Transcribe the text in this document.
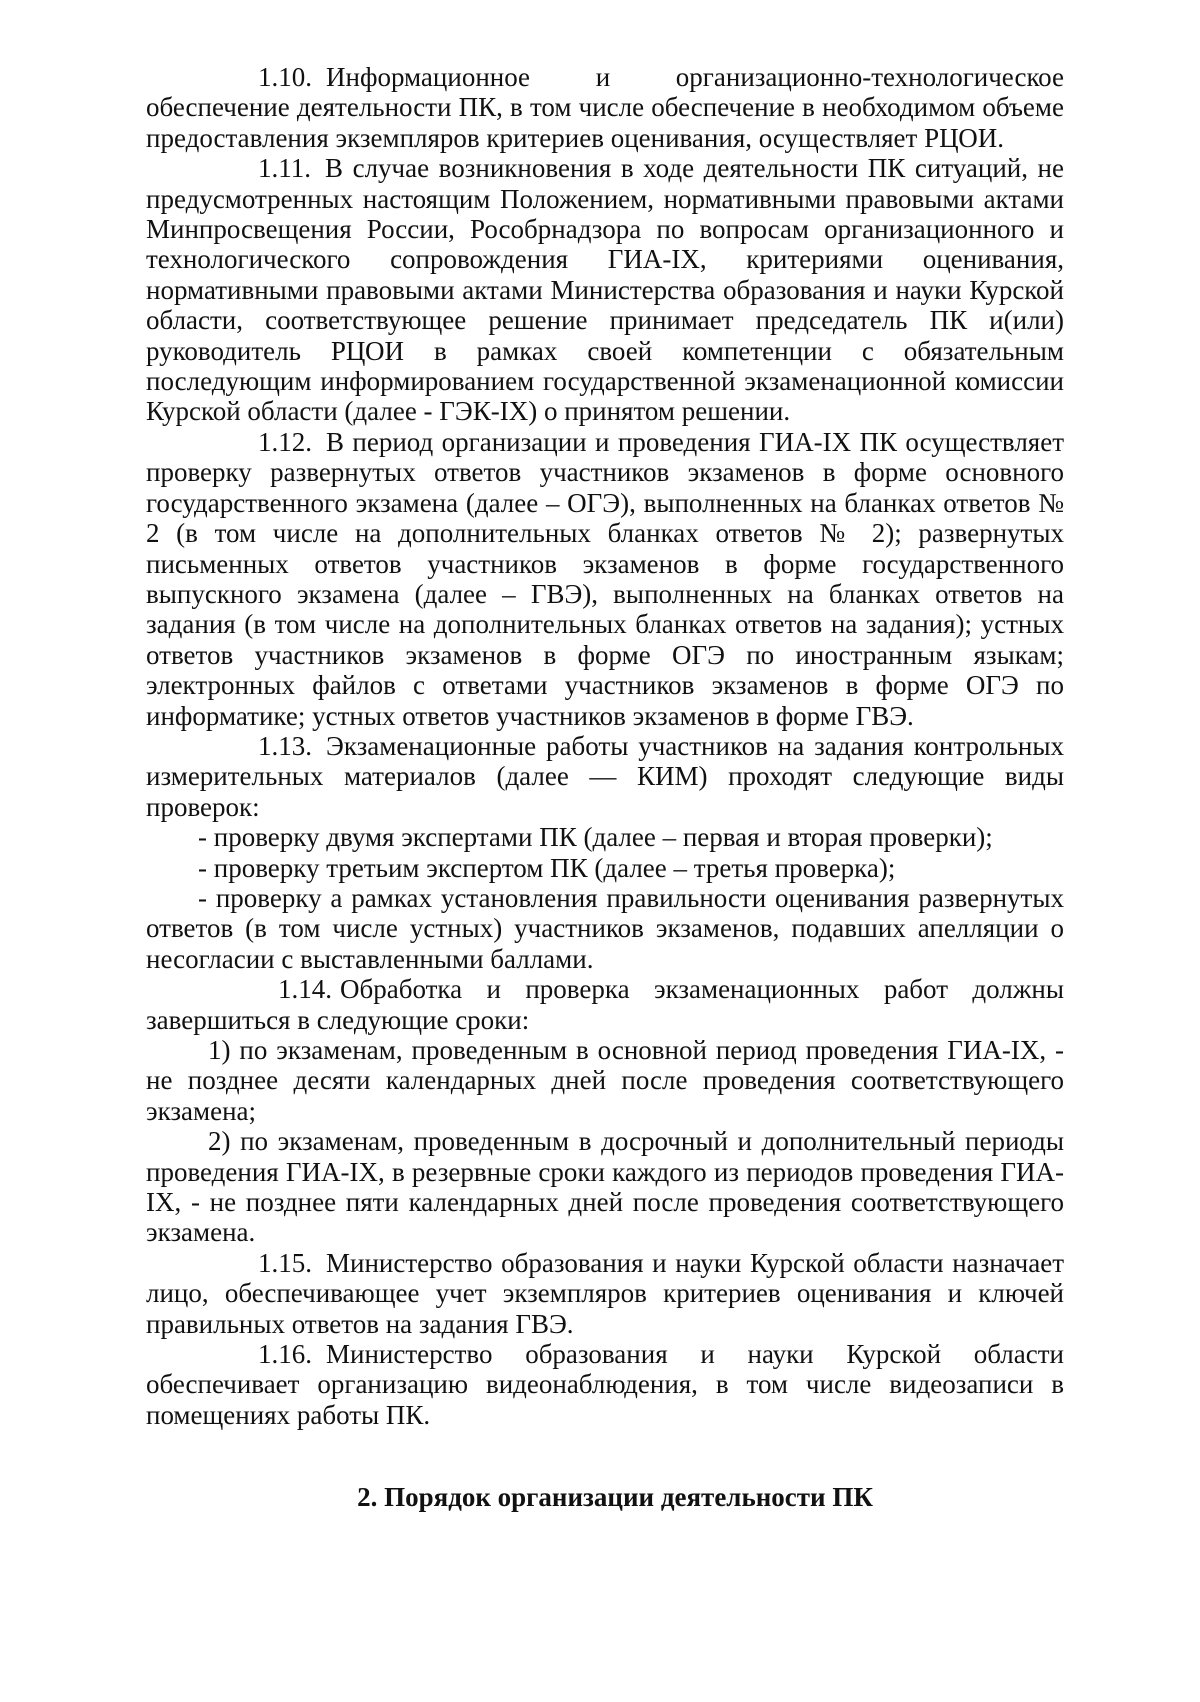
1.10. Информационное и организационно-технологическое обеспечение деятельности ПК, в том числе обеспечение в необходимом объеме предоставления экземпляров критериев оценивания, осуществляет РЦОИ.

1.11. В случае возникновения в ходе деятельности ПК ситуаций, не предусмотренных настоящим Положением, нормативными правовыми актами Минпросвещения России, Рособрнадзора по вопросам организационного и технологического сопровождения ГИА-IX, критериями оценивания, нормативными правовыми актами Министерства образования и науки Курской области, соответствующее решение принимает председатель ПК и(или) руководитель РЦОИ в рамках своей компетенции с обязательным последующим информированием государственной экзаменационной комиссии Курской области (далее - ГЭК-IX) о принятом решении.

1.12. В период организации и проведения ГИА-IX ПК осуществляет проверку развернутых ответов участников экзаменов в форме основного государственного экзамена (далее – ОГЭ), выполненных на бланках ответов № 2 (в том числе на дополнительных бланках ответов № 2); развернутых письменных ответов участников экзаменов в форме государственного выпускного экзамена (далее – ГВЭ), выполненных на бланках ответов на задания (в том числе на дополнительных бланках ответов на задания); устных ответов участников экзаменов в форме ОГЭ по иностранным языкам; электронных файлов с ответами участников экзаменов в форме ОГЭ по информатике; устных ответов участников экзаменов в форме ГВЭ.

1.13. Экзаменационные работы участников на задания контрольных измерительных материалов (далее — КИМ) проходят следующие виды проверок:

- проверку двумя экспертами ПК (далее – первая и вторая проверки);

- проверку третьим экспертом ПК (далее – третья проверка);

- проверку а рамках установления правильности оценивания развернутых ответов (в том числе устных) участников экзаменов, подавших апелляции о несогласии с выставленными баллами.

1.14. Обработка и проверка экзаменационных работ должны завершиться в следующие сроки:

1) по экзаменам, проведенным в основной период проведения ГИА-IX, - не позднее десяти календарных дней после проведения соответствующего экзамена;

2) по экзаменам, проведенным в досрочный и дополнительный периоды проведения ГИА-IX, в резервные сроки каждого из периодов проведения ГИА-IX, - не позднее пяти календарных дней после проведения соответствующего экзамена.

1.15. Министерство образования и науки Курской области назначает лицо, обеспечивающее учет экземпляров критериев оценивания и ключей правильных ответов на задания ГВЭ.

1.16. Министерство образования и науки Курской области обеспечивает организацию видеонаблюдения, в том числе видеозаписи в помещениях работы ПК.

2. Порядок организации деятельности ПК
